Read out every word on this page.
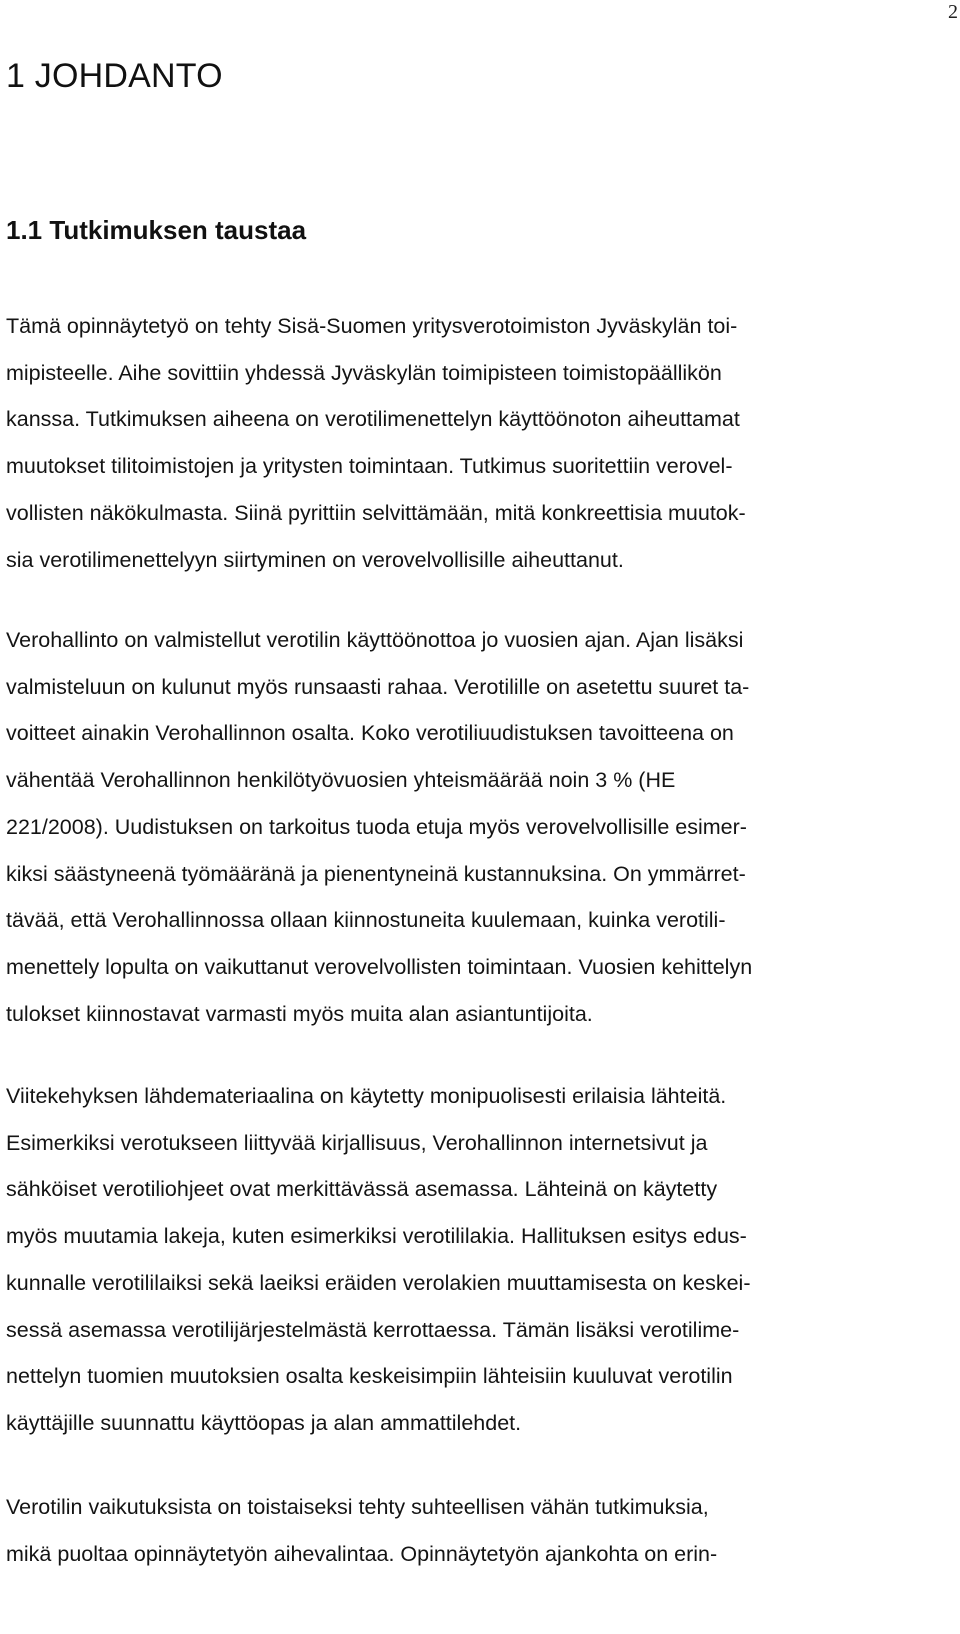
2
1 JOHDANTO
1.1 Tutkimuksen taustaa
Tämä opinnäytetyö on tehty Sisä-Suomen yritysverotoimiston Jyväskylän toi-
mipisteelle. Aihe sovittiin yhdessä Jyväskylän toimipisteen toimistopäällikön
kanssa. Tutkimuksen aiheena on verotilimenettelyn käyttöönoton aiheuttamat
muutokset tilitoimistojen ja yritysten toimintaan. Tutkimus suoritettiin verovel-
vollisten näkökulmasta. Siinä pyrittiin selvittämään, mitä konkreettisia muutok-
sia verotilimenettelyyn siirtyminen on verovelvollisille aiheuttanut.
Verohallinto on valmistellut verotilin käyttöönottoa jo vuosien ajan. Ajan lisäksi
valmisteluun on kulunut myös runsaasti rahaa. Verotilille on asetettu suuret ta-
voitteet ainakin Verohallinnon osalta. Koko verotiliuudistuksen tavoitteena on
vähentää Verohallinnon henkilötyövuosien yhteismäärää noin 3 % (HE
221/2008). Uudistuksen on tarkoitus tuoda etuja myös verovelvollisille esimer-
kiksi säästyneenä työmääränä ja pienentyneinä kustannuksina. On ymmärret-
tävää, että Verohallinnossa ollaan kiinnostuneita kuulemaan, kuinka verotili-
menettely lopulta on vaikuttanut verovelvollisten toimintaan. Vuosien kehittelyn
tulokset kiinnostavat varmasti myös muita alan asiantuntijoita.
Viitekehyksen lähdemateriaalina on käytetty monipuolisesti erilaisia lähteitä.
Esimerkiksi verotukseen liittyvää kirjallisuus, Verohallinnon internetsivut ja
sähköiset verotiliohjeet ovat merkittävässä asemassa. Lähteinä on käytetty
myös muutamia lakeja, kuten esimerkiksi verotililakia. Hallituksen esitys edus-
kunnalle verotililaiksi sekä laeiksi eräiden verolakien muuttamisesta on keskei-
sessä asemassa verotilijärjestelmästä kerrottaessa. Tämän lisäksi verotilime-
nettelyn tuomien muutoksien osalta keskeisimpiin lähteisiin kuuluvat verotilin
käyttäjille suunnattu käyttöopas ja alan ammattilehdet.
Verotilin vaikutuksista on toistaiseksi tehty suhteellisen vähän tutkimuksia,
mikä puoltaa opinnäytetyön aihevalintaa. Opinnäytetyön ajankohta on erin-
